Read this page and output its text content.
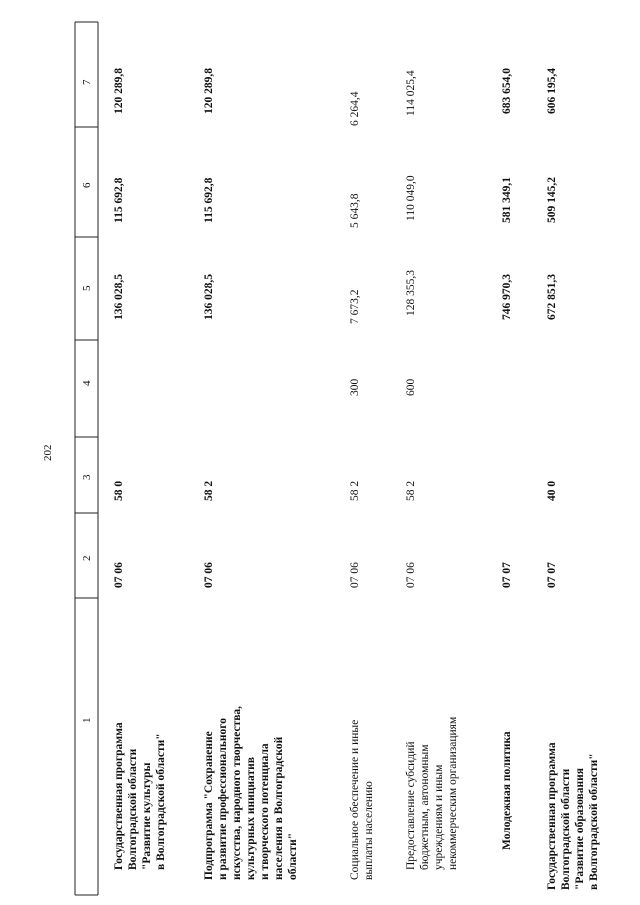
202
1
2
3
4
5
6
7
Государственная программа Волгоградской области "Развитие культуры в Волгоградской области"
07 06
58 0
136 028,5
115 692,8
120 289,8
Подпрограмма "Сохранение и развитие профессионального искусства, народного творчества, культурных инициатив и творческого потенциала населения в Волгоградской области"
07 06
58 2
136 028,5
115 692,8
120 289,8
Социальное обеспечение и иные выплаты населению
07 06
58 2
300
7 673,2
5 643,8
6 264,4
Предоставление субсидий бюджетным, автономным учреждениям и иным некоммерческим организациям
07 06
58 2
600
128 355,3
110 049,0
114 025,4
Молодежная политика
07 07
746 970,3
581 349,1
683 654,0
Государственная программа Волгоградской области "Развитие образования в Волгоградской области"
07 07
40 0
672 851,3
509 145,2
606 195,4
